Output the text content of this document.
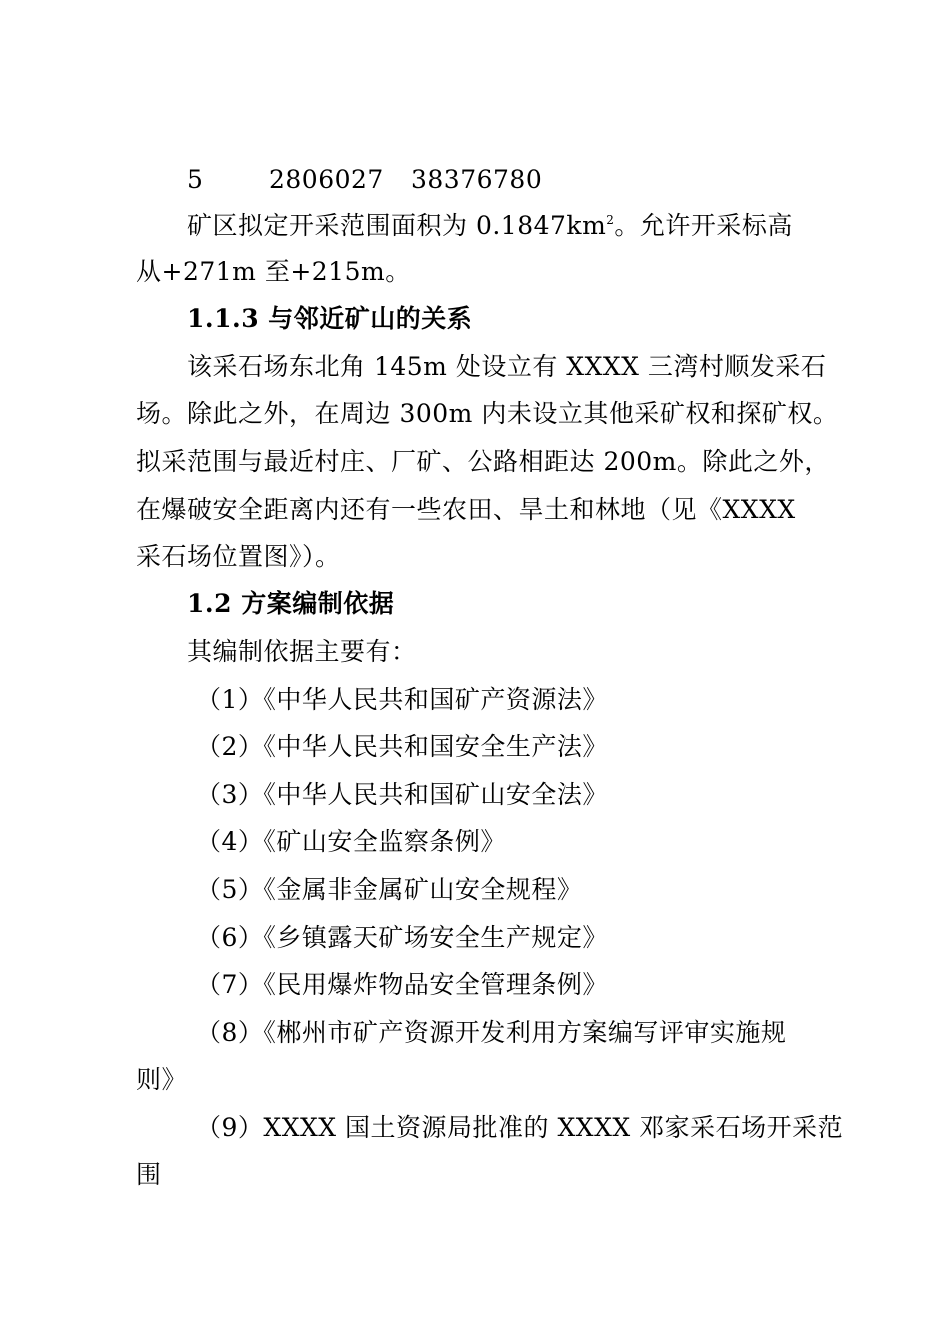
5	2806027 38376780
矿区拟定开采范围面积为 $0.1847km^2$。允许开采标高
从+271m 至+215m。
1.1.3 与邻近矿山的关系
该采石场东北角 145m 处设立有 XXXX 三湾村顺发采石
场。除此之外，在周边 300m 内未设立其他采矿权和探矿权。
拟采范围与最近村庄、厂矿、公路相距达 200m。除此之外，
在爆破安全距离内还有一些农田、旱土和林地（见《XXXX
采石场位置图》）。
1.2 方案编制依据
其编制依据主要有：
（1）《中华人民共和国矿产资源法》
（2）《中华人民共和国安全生产法》
（3）《中华人民共和国矿山安全法》
（4）《矿山安全监察条例》
（5）《金属非金属矿山安全规程》
（6）《乡镇露天矿场安全生产规定》
（7）《民用爆炸物品安全管理条例》
（8）《郴州市矿产资源开发利用方案编写评审实施规
则》
（9）XXXX 国土资源局批准的 XXXX 邓家采石场开采范
围
